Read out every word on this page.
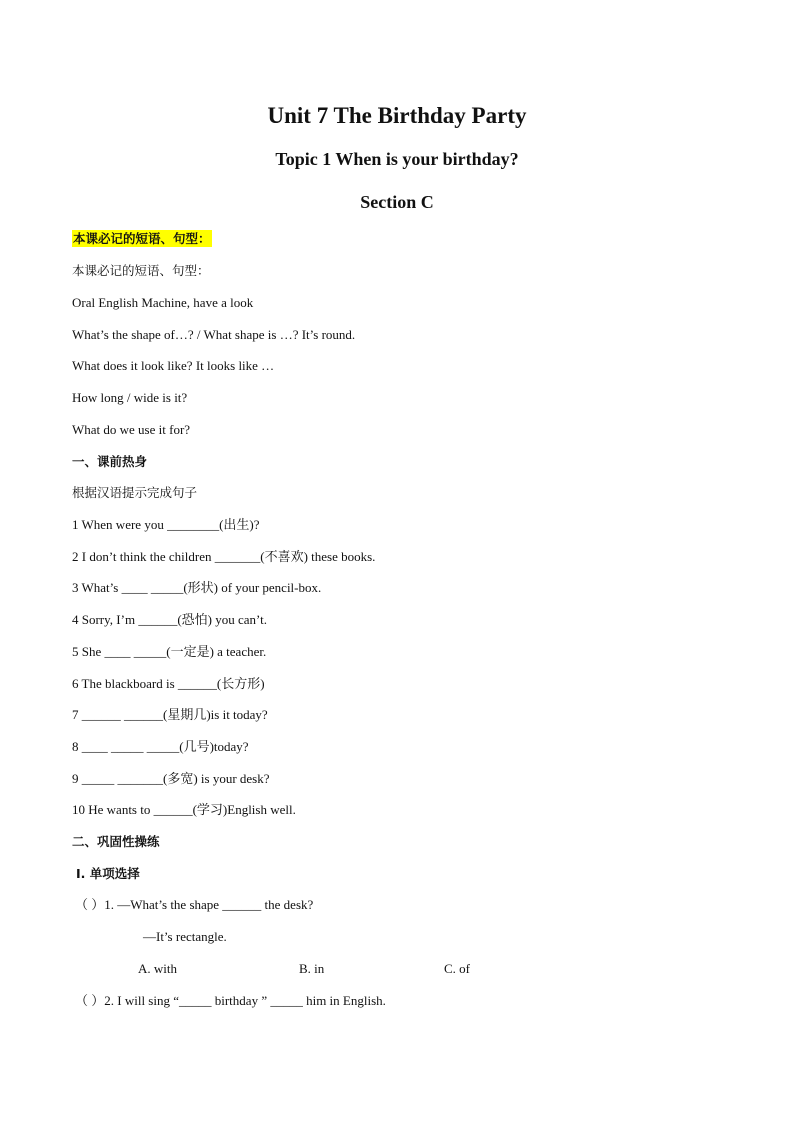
Unit 7 The Birthday Party
Topic 1 When is your birthday?
Section C

本课必记的短语、句型：

本课必记的短语、句型：

Oral English Machine, have a look

What’s the shape of…? / What shape is …? It’s round.

What does it look like? It looks like …

How long / wide is it?

What do we use it for?

一、课前热身

根据汉语提示完成句子

1 When were you ________(出生)?

2 I don’t think the children _______(不喜欢) these books.

3 What’s ____ _____(形状) of your pencil-box.

4 Sorry, I’m ______(恐怕) you can’t.

5 She ____ _____(一定是) a teacher.

6 The blackboard is ______(长方形)

7 ______ ______(星期几)is it today?

8 ____ _____ _____(几号)today?

9 _____ _______(多宽) is your desk?

10 He wants to ______(学习)English well.

二、巩固性操练

Ⅰ. 单项选择

（ ）1. —What’s the shape ______ the desk?

—It’s rectangle.

A. with	B. in	C. of

（ ）2. I will sing “_____ birthday ” _____ him in English.
